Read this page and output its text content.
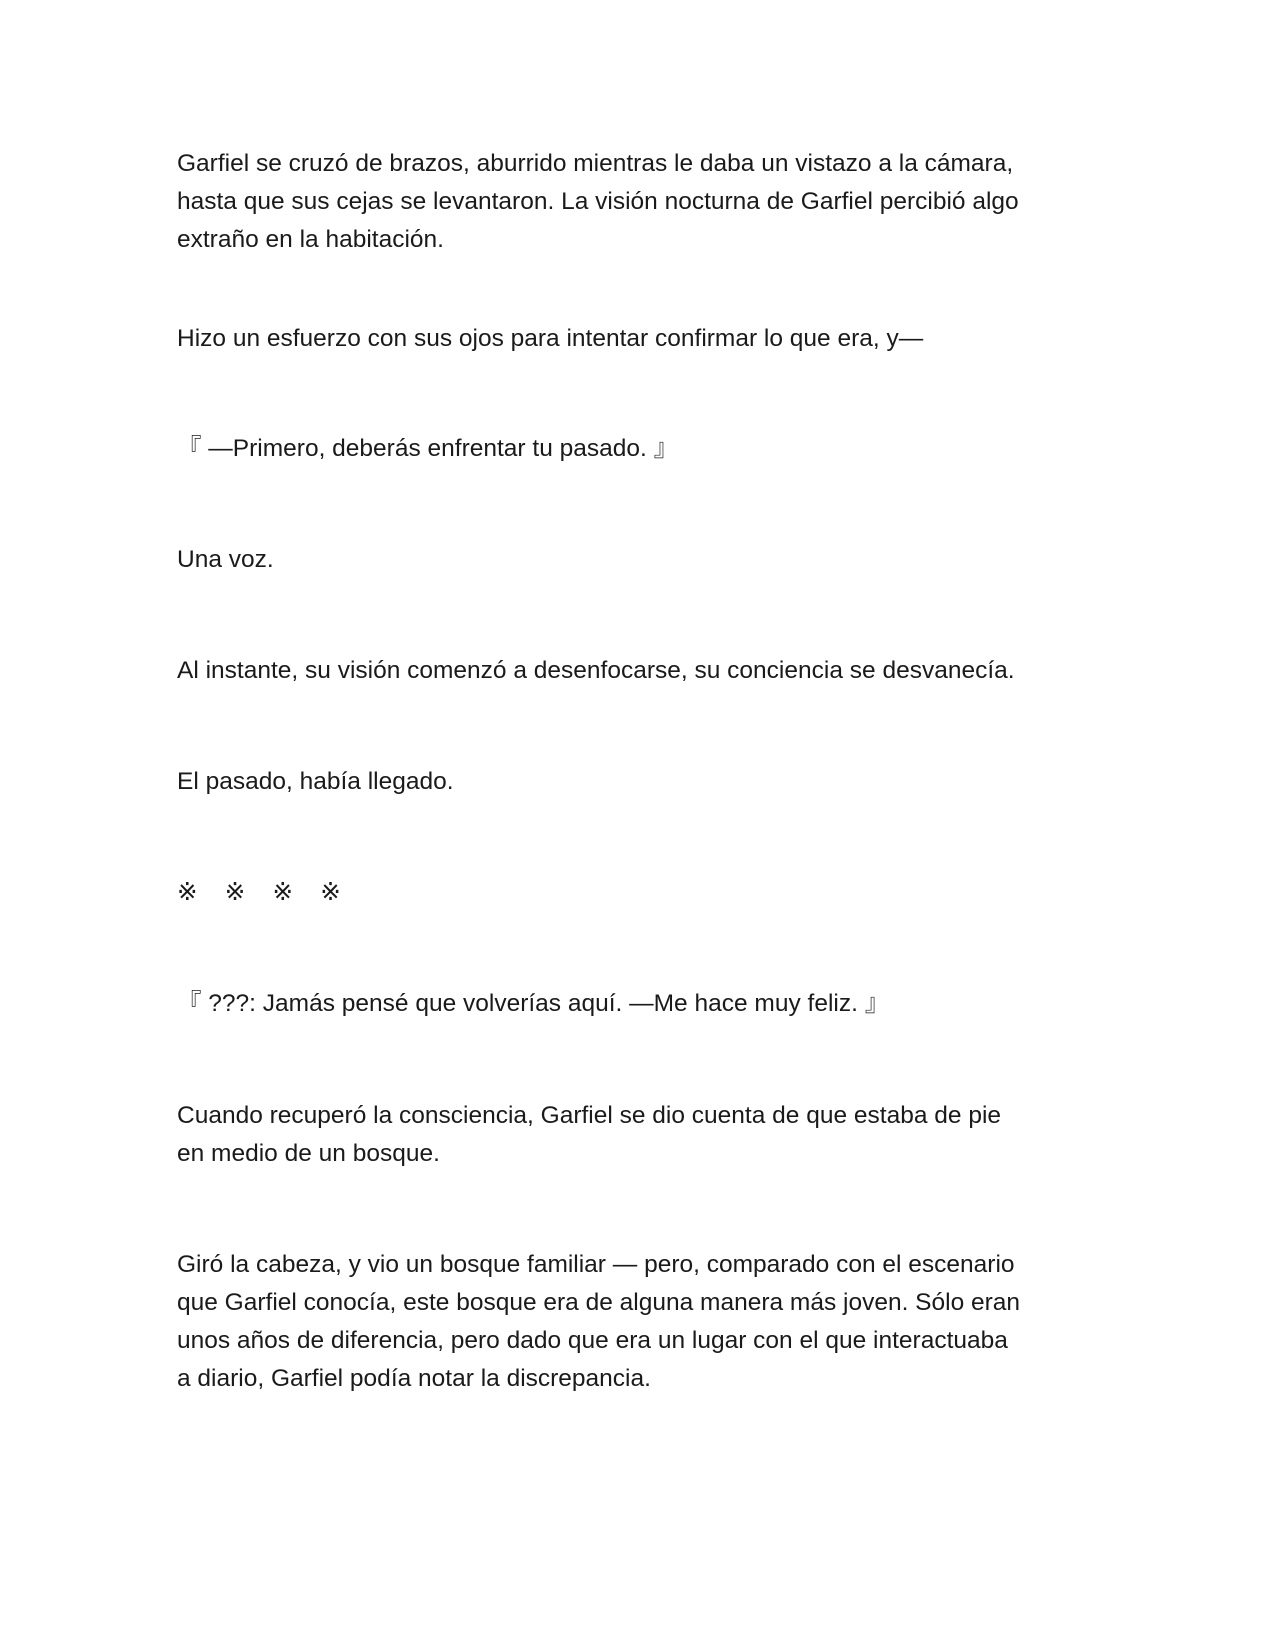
Garfiel se cruzó de brazos, aburrido mientras le daba un vistazo a la cámara,
hasta que sus cejas se levantaron. La visión nocturna de Garfiel percibió algo
extraño en la habitación.

Hizo un esfuerzo con sus ojos para intentar confirmar lo que era, y—

『 —Primero, deberás enfrentar tu pasado. 』

Una voz.

Al instante, su visión comenzó a desenfocarse, su conciencia se desvanecía.

El pasado, había llegado.

※    ※    ※    ※

『 ???: Jamás pensé que volverías aquí. —Me hace muy feliz. 』

Cuando recuperó la consciencia, Garfiel se dio cuenta de que estaba de pie
en medio de un bosque.

Giró la cabeza, y vio un bosque familiar — pero, comparado con el escenario
que Garfiel conocía, este bosque era de alguna manera más joven. Sólo eran
unos años de diferencia, pero dado que era un lugar con el que interactuaba
a diario, Garfiel podía notar la discrepancia.
